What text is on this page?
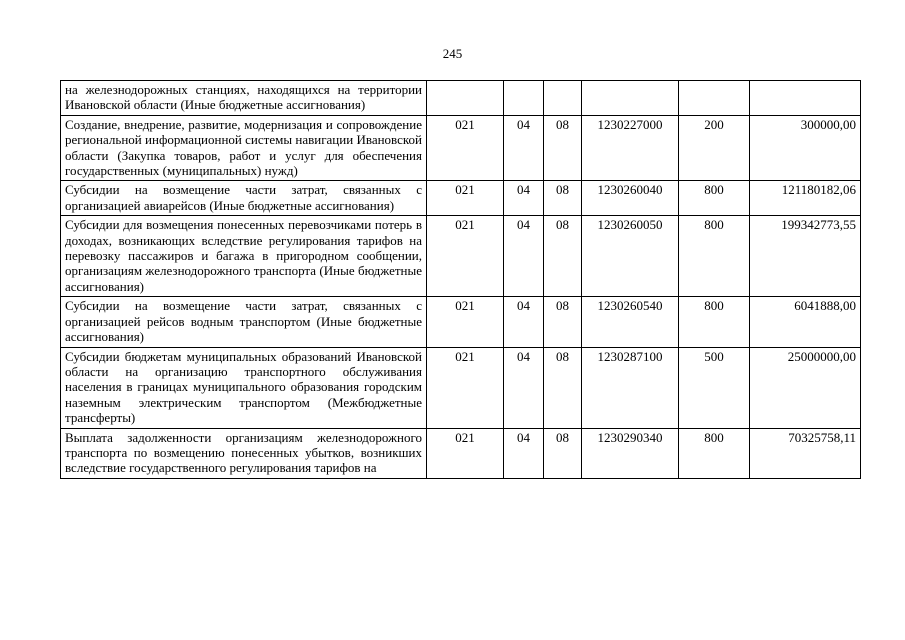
245
на железнодорожных станциях, находящихся на территории Ивановской области (Иные бюджетные ассигнования)						
Создание, внедрение, развитие, модернизация и сопровождение региональной информационной системы навигации Ивановской области (Закупка товаров, работ и услуг для обеспечения государственных (муниципальных) нужд)	021	04	08	1230227000	200	300000,00
Субсидии на возмещение части затрат, связанных с организацией авиарейсов (Иные бюджетные ассигнования)	021	04	08	1230260040	800	121180182,06
Субсидии для возмещения понесенных перевозчиками потерь в доходах, возникающих вследствие регулирования тарифов на перевозку пассажиров и багажа в пригородном сообщении, организациям железнодорожного транспорта (Иные бюджетные ассигнования)	021	04	08	1230260050	800	199342773,55
Субсидии на возмещение части затрат, связанных с организацией рейсов водным транспортом (Иные бюджетные ассигнования)	021	04	08	1230260540	800	6041888,00
Субсидии бюджетам муниципальных образований Ивановской области на организацию транспортного обслуживания населения в границах муниципального образования городским наземным электрическим транспортом (Межбюджетные трансферты)	021	04	08	1230287100	500	25000000,00
Выплата задолженности организациям железнодорожного транспорта по возмещению понесенных убытков, возникших вследствие государственного регулирования тарифов на	021	04	08	1230290340	800	70325758,11
